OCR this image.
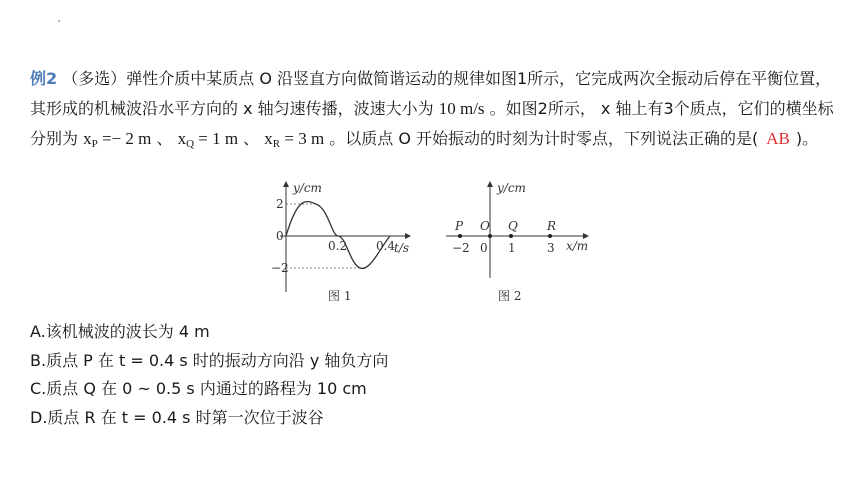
例2 （多选）弹性介质中某质点 O 沿竖直方向做简谐运动的规律如图1所示，它完成两次全振动后停在平衡位置，其形成的机械波沿水平方向的 x 轴匀速传播，波速大小为 10 m/s 。如图2所示， x 轴上有3个质点，它们的横坐标分别为 $x_P =- 2$ m 、 $x_Q = 1$ m 、 $x_R = 3$ m 。以质点 O 开始振动的时刻为计时零点，下列说法正确的是( AB )。
y/cm
t/s
2
0
−2
0.2 0.4
图 1
y/cm
x/m
P O Q R
−2 0 1	3
图 2
A.该机械波的波长为 4 m
B.质点 P 在 t = 0.4 s 时的振动方向沿 y 轴负方向
C.质点 Q 在 0 ~ 0.5 s 内通过的路程为 10 cm
D.质点 R 在 t = 0.4 s 时第一次位于波谷
